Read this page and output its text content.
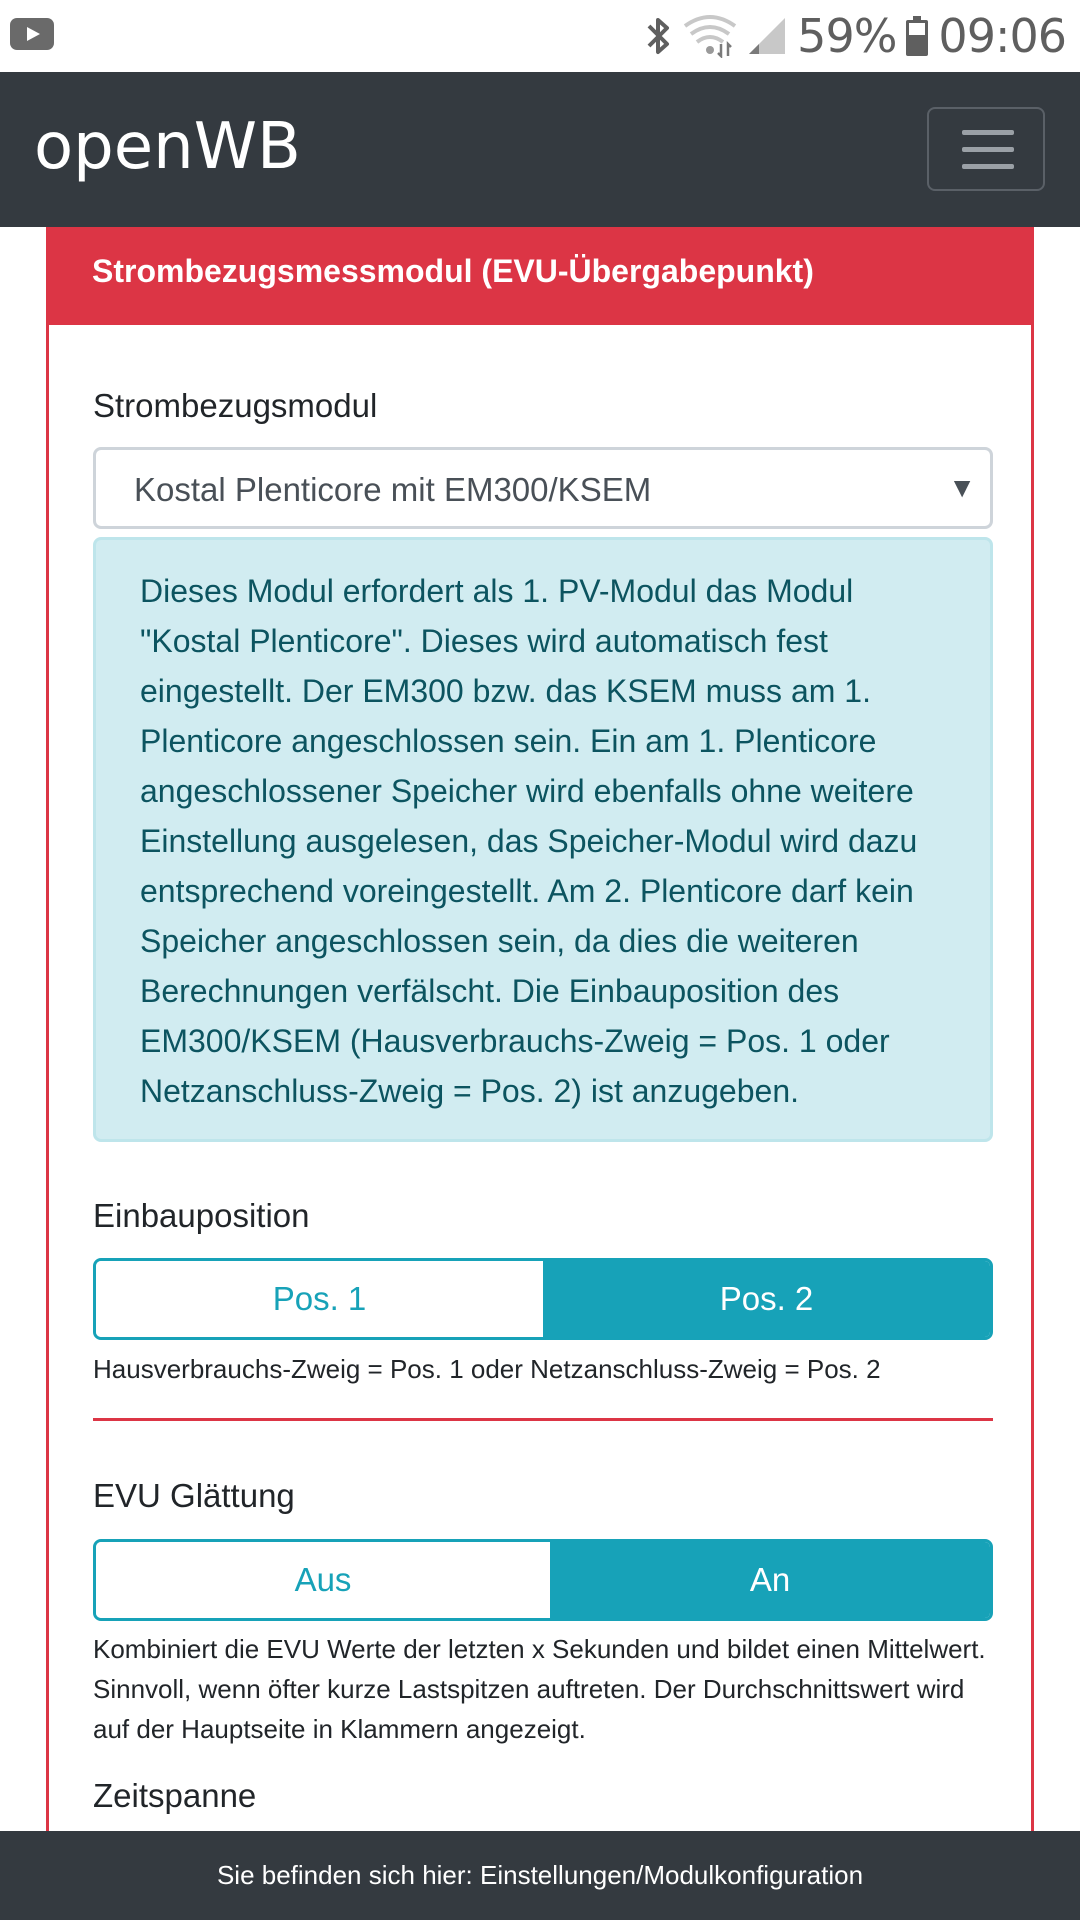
59% 09:06
openWB
Strombezugsmessmodul (EVU-Übergabepunkt)
Strombezugsmodul
Kostal Plenticore mit EM300/KSEM	▼
Dieses Modul erfordert als 1. PV-Modul das Modul "Kostal Plenticore". Dieses wird automatisch fest eingestellt. Der EM300 bzw. das KSEM muss am 1. Plenticore angeschlossen sein. Ein am 1. Plenticore angeschlossener Speicher wird ebenfalls ohne weitere Einstellung ausgelesen, das Speicher-Modul wird dazu entsprechend voreingestellt. Am 2. Plenticore darf kein Speicher angeschlossen sein, da dies die weiteren Berechnungen verfälscht. Die Einbauposition des EM300/KSEM (Hausverbrauchs-Zweig = Pos. 1 oder Netzanschluss-Zweig = Pos. 2) ist anzugeben.
Einbauposition
Pos. 1	Pos. 2
Hausverbrauchs-Zweig = Pos. 1 oder Netzanschluss-Zweig = Pos. 2
EVU Glättung
Aus	An
Kombiniert die EVU Werte der letzten x Sekunden und bildet einen Mittelwert. Sinnvoll, wenn öfter kurze Lastspitzen auftreten. Der Durchschnittswert wird auf der Hauptseite in Klammern angezeigt.
Zeitspanne
Sie befinden sich hier: Einstellungen/Modulkonfiguration
